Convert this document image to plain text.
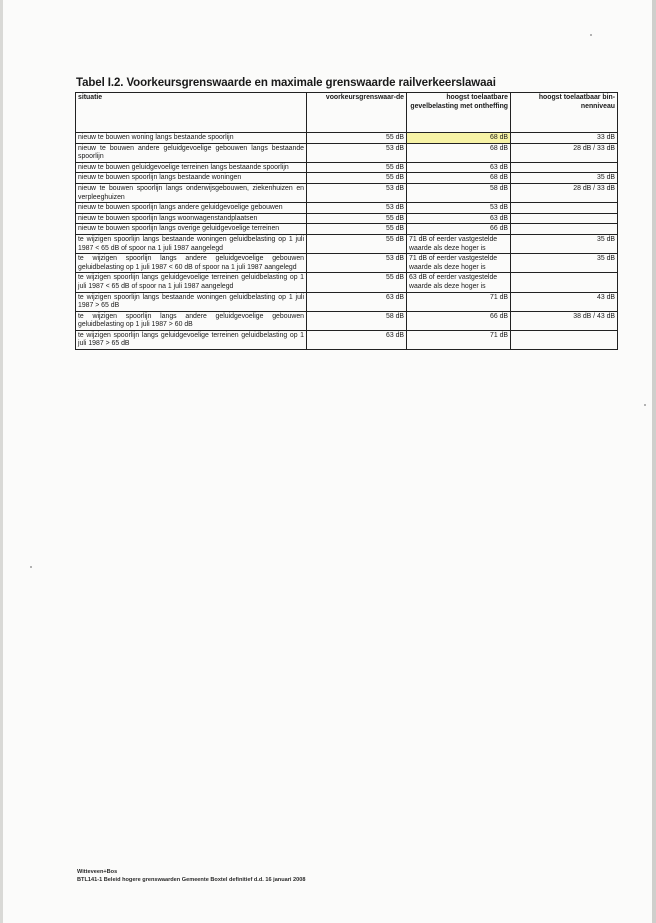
Tabel I.2. Voorkeursgrenswaarde en maximale grenswaarde railverkeerslawaai
situatie	voorkeursgrenswaar-de	hoogst toelaatbare gevelbelasting met ontheffing	hoogst toelaatbaar bin-nenniveau
nieuw te bouwen woning langs bestaande spoorlijn	55 dB	68 dB	33 dB
nieuw te bouwen andere geluidgevoelige gebouwen langs bestaande spoorlijn	53 dB	68 dB	28 dB / 33 dB
nieuw te bouwen geluidgevoelige terreinen langs bestaande spoorlijn	55 dB	63 dB	
nieuw te bouwen spoorlijn langs bestaande woningen	55 dB	68 dB	35 dB
nieuw te bouwen spoorlijn langs onderwijsgebouwen, ziekenhuizen en verpleeghuizen	53 dB	58 dB	28 dB / 33 dB
nieuw te bouwen spoorlijn langs andere geluidgevoelige gebouwen	53 dB	53 dB	
nieuw te bouwen spoorlijn langs woonwagenstandplaatsen	55 dB	63 dB	
nieuw te bouwen spoorlijn langs overige geluidgevoelige terreinen	55 dB	66 dB	
te wijzigen spoorlijn langs bestaande woningen geluidbelasting op 1 juli 1987 < 65 dB of spoor na 1 juli 1987 aangelegd	55 dB	71 dB of eerder vastgestelde waarde als deze hoger is	35 dB
te wijzigen spoorlijn langs andere geluidgevoelige gebouwen geluidbelasting op 1 juli 1987 < 60 dB of spoor na 1 juli 1987 aangelegd	53 dB	71 dB of eerder vastgestelde waarde als deze hoger is	35 dB
te wijzigen spoorlijn langs geluidgevoelige terreinen geluidbelasting op 1 juli 1987 < 65 dB of spoor na 1 juli 1987 aangelegd	55 dB	63 dB of eerder vastgestelde waarde als deze hoger is	
te wijzigen spoorlijn langs bestaande woningen geluidbelasting op 1 juli 1987 > 65 dB	63 dB	71 dB	43 dB
te wijzigen spoorlijn langs andere geluidgevoelige gebouwen geluidbelasting op 1 juli 1987 > 60 dB	58 dB	66 dB	38 dB / 43 dB
te wijzigen spoorlijn langs geluidgevoelige terreinen geluidbelasting op 1 juli 1987 > 65 dB	63 dB	71 dB	
Witteveen+Bos
BTL141-1 Beleid hogere grenswaarden Gemeente Boxtel definitief d.d. 16 januari 2008
